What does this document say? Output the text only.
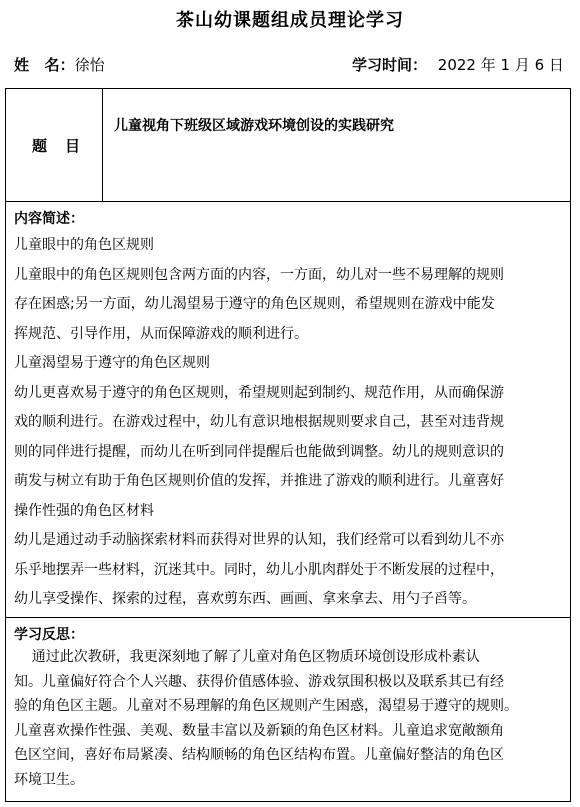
茶山幼课题组成员理论学习
姓   名：徐怡	学习时间： 2022 年 1 月 6 日
题目
儿童视角下班级区域游戏环境创设的实践研究
内容简述：
儿童眼中的角色区规则
儿童眼中的角色区规则包含两方面的内容，一方面，幼儿对一些不易理解的规则
存在困惑;另一方面，幼儿渴望易于遵守的角色区规则，希望规则在游戏中能发
挥规范、引导作用，从而保障游戏的顺利进行。
儿童渴望易于遵守的角色区规则
幼儿更喜欢易于遵守的角色区规则，希望规则起到制约、规范作用，从而确保游
戏的顺利进行。在游戏过程中，幼儿有意识地根据规则要求自己，甚至对违背规
则的同伴进行提醒，而幼儿在听到同伴提醒后也能做到调整。幼儿的规则意识的
萌发与树立有助于角色区规则价值的发挥，并推进了游戏的顺利进行。儿童喜好
操作性强的角色区材料
幼儿是通过动手动脑探索材料而获得对世界的认知，我们经常可以看到幼儿不亦
乐乎地摆弄一些材料，沉迷其中。同时，幼儿小肌肉群处于不断发展的过程中，
幼儿享受操作、探索的过程，喜欢剪东西、画画、拿来拿去、用勺子舀等。
学习反思：
通过此次教研，我更深刻地了解了儿童对角色区物质环境创设形成朴素认
知。儿童偏好符合个人兴趣、获得价值感体验、游戏氛围积极以及联系其已有经
验的角色区主题。儿童对不易理解的角色区规则产生困惑，渴望易于遵守的规则。
儿童喜欢操作性强、美观、数量丰富以及新颖的角色区材料。儿童追求宽敞额角
色区空间，喜好布局紧凑、结构顺畅的角色区结构布置。儿童偏好整洁的角色区
环境卫生。
